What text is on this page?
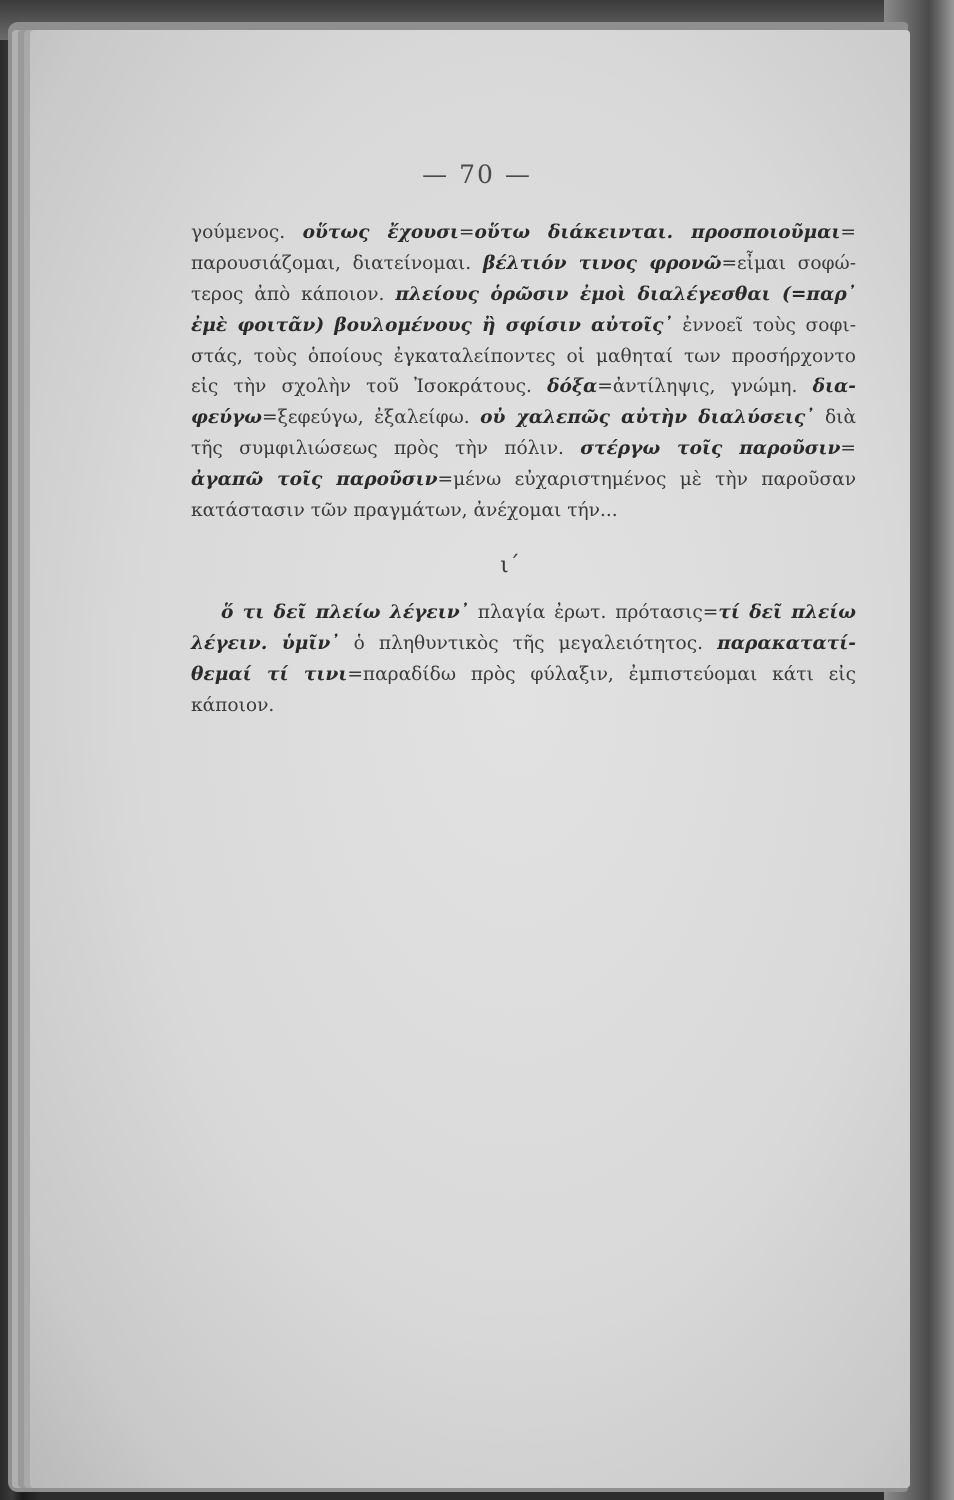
— 70 —
γούμενος. οὕτως ἔχουσι=οὕτω διάκεινται. προσποιοῦμαι=
παρουσιάζομαι, διατείνομαι. βέλτιόν τινος φρονῶ=εἶμαι σοφώ-
τερος ἀπὸ κάποιον. πλείους ὁρῶσιν ἐμοὶ διαλέγεσθαι (=παρ᾽
ἐμὲ φοιτᾶν) βουλομένους ἢ σφίσιν αὐτοῖς᾽ ἐννοεῖ τοὺς σοφι-
στάς, τοὺς ὁποίους ἐγκαταλείποντες οἱ μαθηταί των προσήρχοντο
εἰς τὴν σχολὴν τοῦ Ἰσοκράτους. δόξα=ἀντίληψις, γνώμη. δια-
φεύγω=ξεφεύγω, ἐξαλείφω. οὐ χαλεπῶς αὐτὴν διαλύσεις᾽ διὰ
τῆς συμφιλιώσεως πρὸς τὴν πόλιν. στέργω τοῖς παροῦσιν=
ἀγαπῶ τοῖς παροῦσιν=μένω εὐχαριστημένος μὲ τὴν παροῦσαν
κατάστασιν τῶν πραγμάτων, ἀνέχομαι τήν...
ι΄
ὅ τι δεῖ πλείω λέγειν᾽ πλαγία ἐρωτ. πρότασις=τί δεῖ πλείω
λέγειν. ὑμῖν᾽ ὁ πληθυντικὸς τῆς μεγαλειότητος. παρακατατί-
θεμαί τί τινι=παραδίδω πρὸς φύλαξιν, ἐμπιστεύομαι κάτι εἰς
κάποιον.
